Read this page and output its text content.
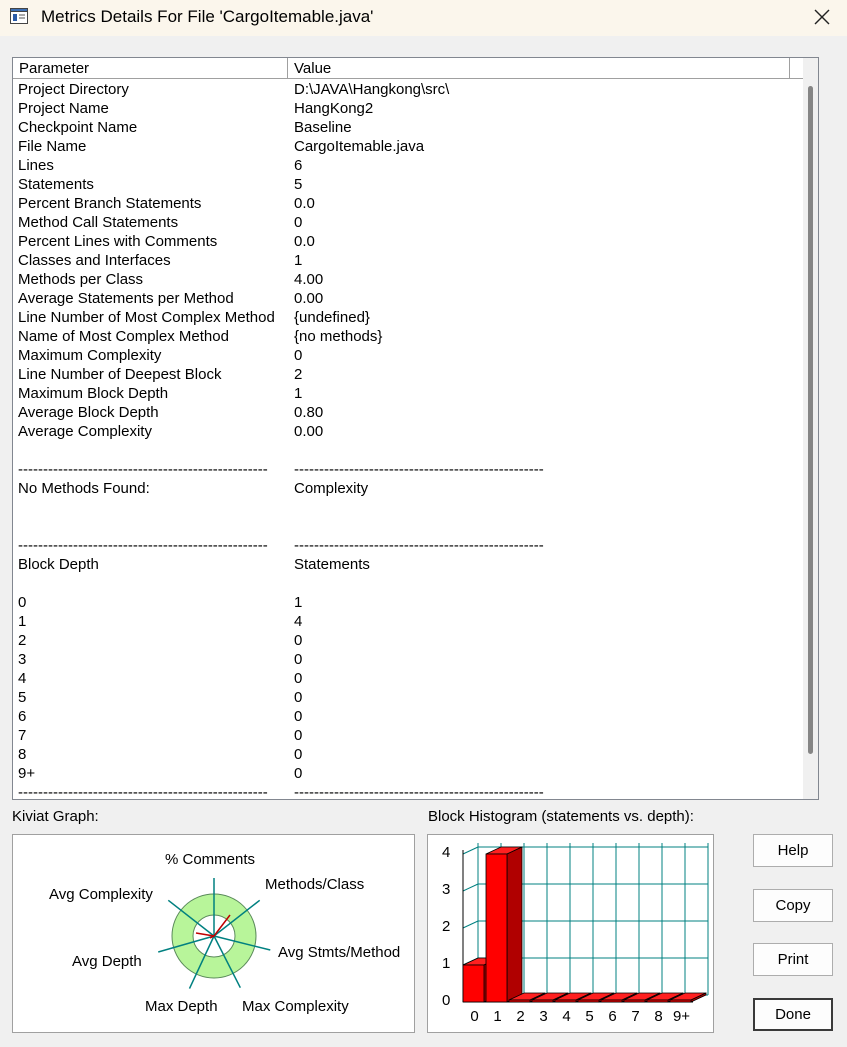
Metrics Details For File 'CargoItemable.java'
Parameter	Value
Project Directory	D:\JAVA\Hangkong\src\
Project Name	HangKong2
Checkpoint Name	Baseline
File Name	CargoItemable.java
Lines	6
Statements	5
Percent Branch Statements	0.0
Method Call Statements	0
Percent Lines with Comments	0.0
Classes and Interfaces	1
Methods per Class	4.00
Average Statements per Method	0.00
Line Number of Most Complex Method {undefined}
Name of Most Complex Method	{no methods}
Maximum Complexity	0
Line Number of Deepest Block	2
Maximum Block Depth	1
Average Block Depth	0.80
Average Complexity	0.00
-------------------------------------------------- --------------------------------------------------
No Methods Found:	Complexity
-------------------------------------------------- --------------------------------------------------
Block Depth	Statements
0	1
1	4
2	0
3	0
4	0
5	0
6	0
7	0
8	0
9+	0
-------------------------------------------------- --------------------------------------------------
Kiviat Graph:	Block Histogram (statements vs. depth):
% Comments
Methods/Class
Avg Stmts/Method
Max Complexity
Max Depth
Avg Depth
Avg Complexity
0
1
2
3
4
0 1 2 3 4 5 6 7 8 9+
Help
Copy
Print
Done
